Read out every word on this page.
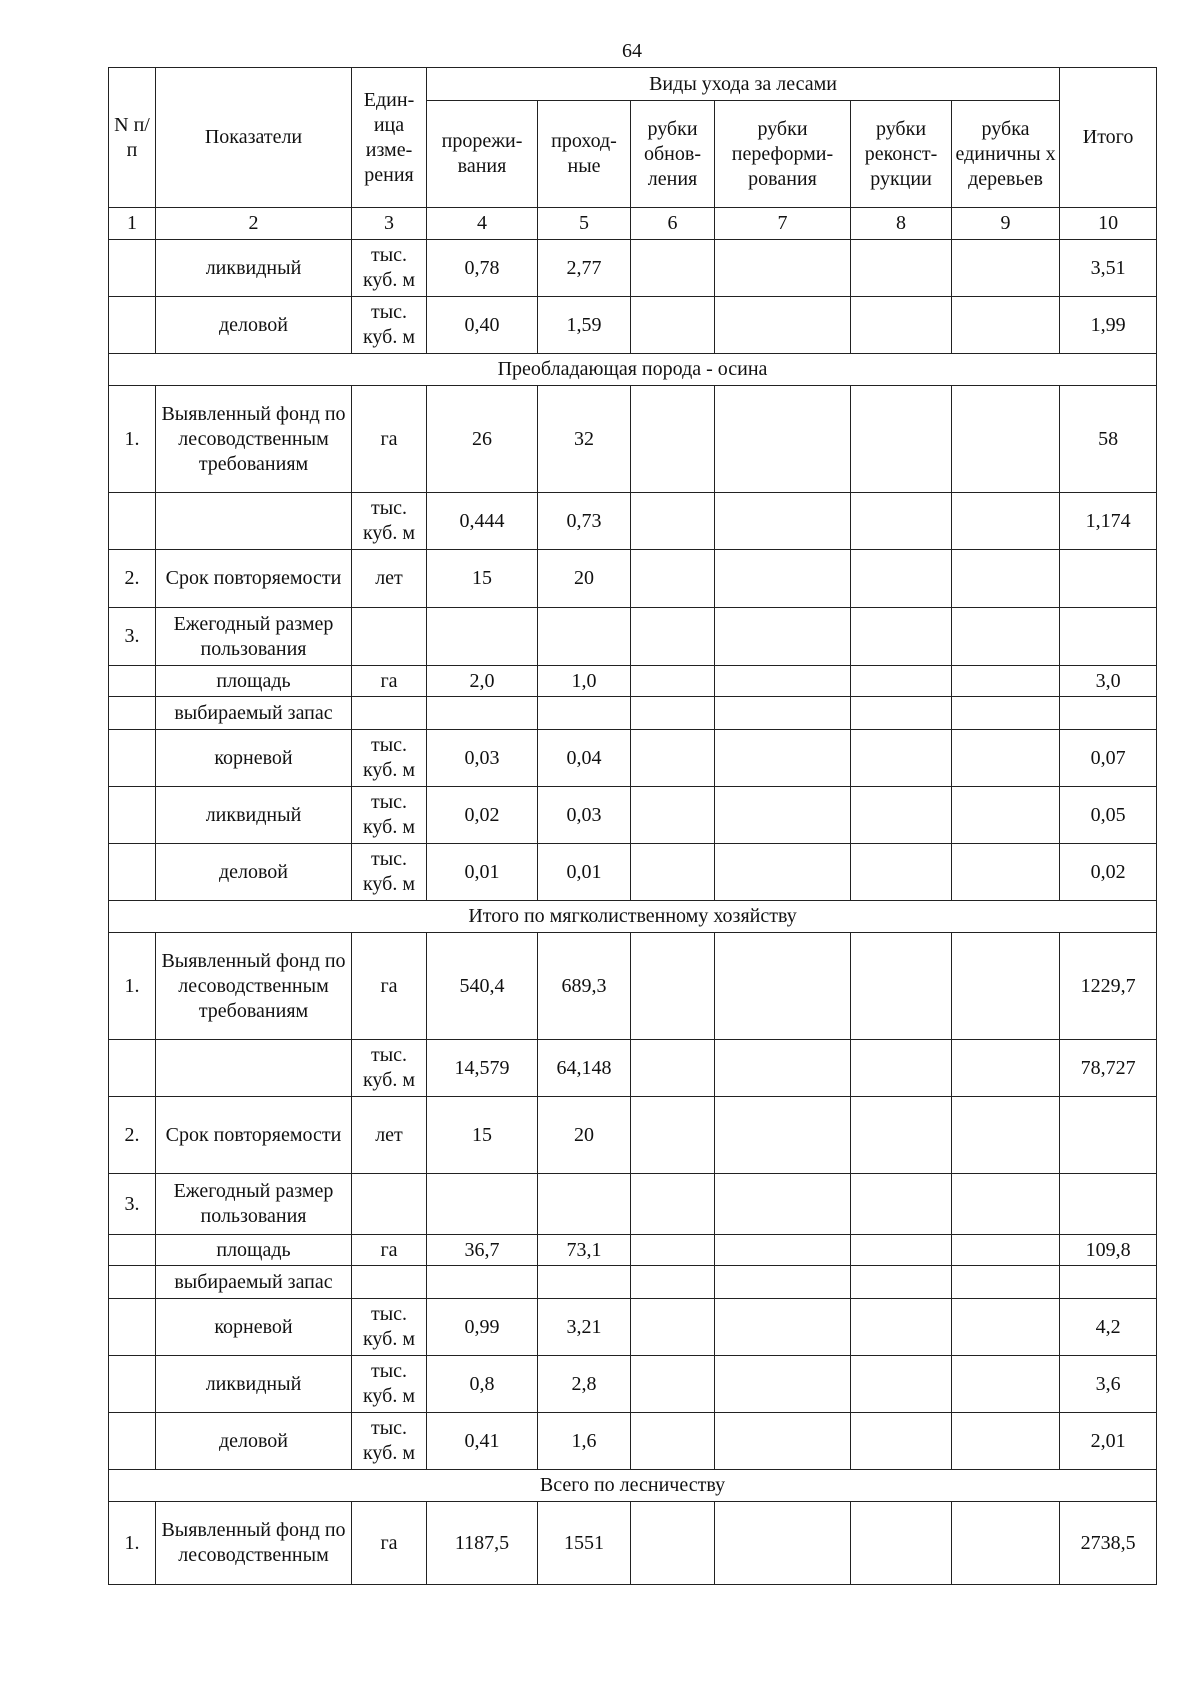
64
N п/п	Показатели	Един-ица изме-рения	Виды ухода за лесами						Итого
			прорежи-вания	проход-ные	рубки обнов-ления	рубки переформи-рования	рубки реконст-рукции	рубка единичны х деревьев	
1	2	3	4	5	6	7	8	9	10
	ликвидный	тыс. куб. м	0,78	2,77					3,51
	деловой	тыс. куб. м	0,40	1,59					1,99
Преобладающая порода - осина									
1.	Выявленный фонд по лесоводственным требованиям	га	26	32					58
		тыс. куб. м	0,444	0,73					1,174
2.	Срок повторяемости	лет	15	20					
3.	Ежегодный размер пользования								
	площадь	га	2,0	1,0					3,0
	выбираемый запас								
	корневой	тыс. куб. м	0,03	0,04					0,07
	ликвидный	тыс. куб. м	0,02	0,03					0,05
	деловой	тыс. куб. м	0,01	0,01					0,02
Итого по мягколиственному хозяйству									
1.	Выявленный фонд по лесоводственным требованиям	га	540,4	689,3					1229,7
		тыс. куб. м	14,579	64,148					78,727
2.	Срок повторяемости	лет	15	20					
3.	Ежегодный размер пользования								
	площадь	га	36,7	73,1					109,8
	выбираемый запас								
	корневой	тыс. куб. м	0,99	3,21					4,2
	ликвидный	тыс. куб. м	0,8	2,8					3,6
	деловой	тыс. куб. м	0,41	1,6					2,01
Всего по лесничеству									
1.	Выявленный фонд по лесоводственным	га	1187,5	1551					2738,5
